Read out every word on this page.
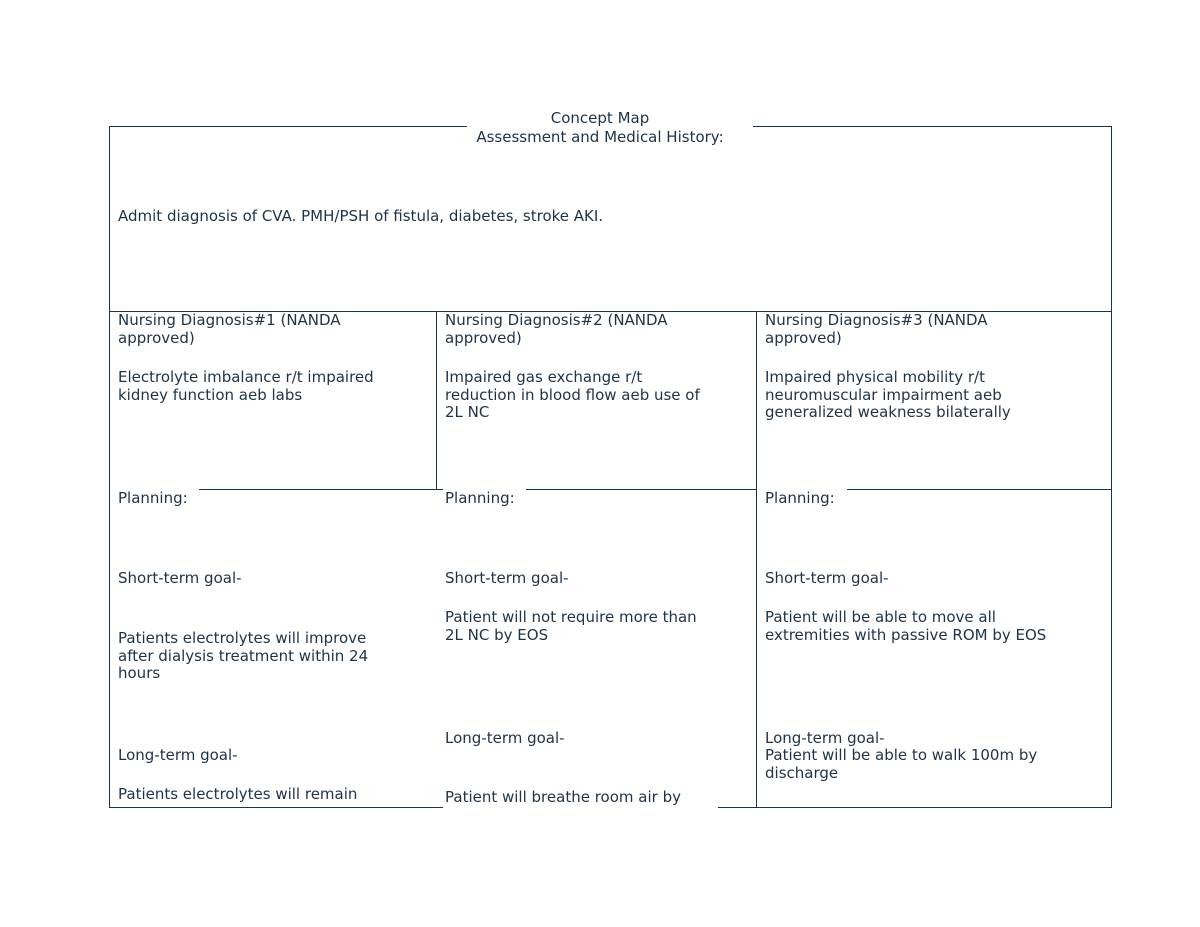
Concept Map
Assessment and Medical History:
Admit diagnosis of CVA. PMH/PSH of fistula, diabetes, stroke AKI.
Nursing Diagnosis#1 (NANDA
approved)
Electrolyte imbalance r/t impaired
kidney function aeb labs
Nursing Diagnosis#2 (NANDA
approved)
Impaired gas exchange r/t
reduction in blood flow aeb use of
2L NC
Nursing Diagnosis#3 (NANDA
approved)
Impaired physical mobility r/t
neuromuscular impairment aeb
generalized weakness bilaterally
Planning:
Short-term goal-
Patients electrolytes will improve
after dialysis treatment within 24
hours
Long-term goal-
Patients electrolytes will remain
Planning:
Short-term goal-
Patient will not require more than
2L NC by EOS
Long-term goal-
Patient will breathe room air by
Planning:
Short-term goal-
Patient will be able to move all
extremities with passive ROM by EOS
Long-term goal-
Patient will be able to walk 100m by
discharge
